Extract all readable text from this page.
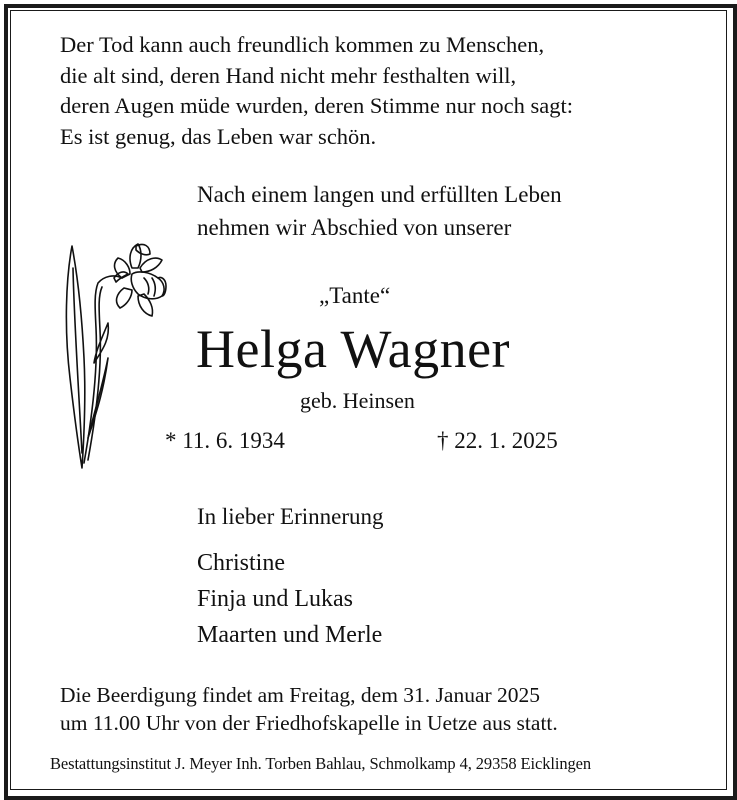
Der Tod kann auch freundlich kommen zu Menschen,
die alt sind, deren Hand nicht mehr festhalten will,
deren Augen müde wurden, deren Stimme nur noch sagt:
Es ist genug, das Leben war schön.
Nach einem langen und erfüllten Leben
nehmen wir Abschied von unserer
„Tante“
Helga Wagner
geb. Heinsen
* 11. 6. 1934	† 22. 1. 2025
In lieber Erinnerung
Christine
Finja und Lukas
Maarten und Merle
Die Beerdigung findet am Freitag, dem 31. Januar 2025
um 11.00 Uhr von der Friedhofskapelle in Uetze aus statt.
Bestattungsinstitut J. Meyer Inh. Torben Bahlau, Schmolkamp 4, 29358 Eicklingen
